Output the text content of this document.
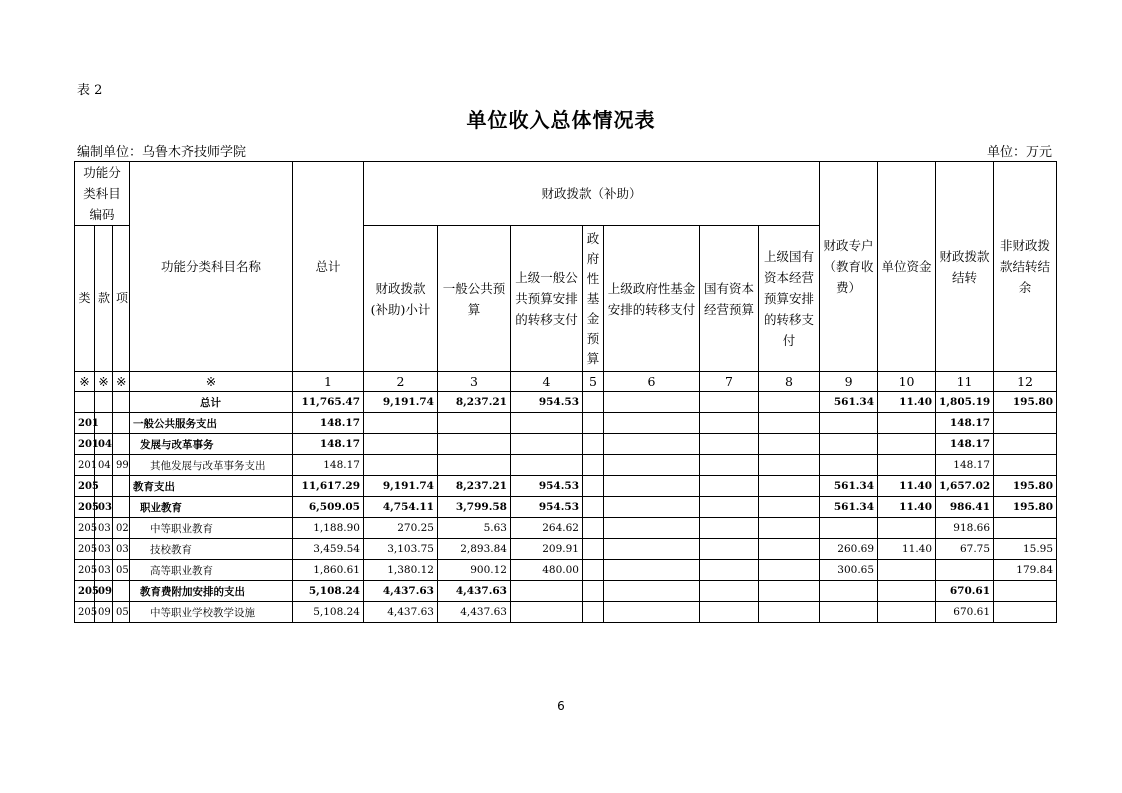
表 2
单位收入总体情况表
编制单位：乌鲁木齐技师学院	单位：万元
功能分类科目编码			功能分类科目名称	总计	财政拨款（补助）							财政专户（教育收费）	单位资金	财政拨款结转	非财政拨款结转结余
类	款	项			财政拨款(补助)小计	一般公共预算	上级一般公共预算安排的转移支付	政府性基金预算	上级政府性基金安排的转移支付	国有资本经营预算	上级国有资本经营预算安排的转移支付				
※	※	※	※	1	2	3	4	5	6	7	8	9	10	11	12
			总计	11,765.47	9,191.74	8,237.21	954.53					561.34	11.40	1,805.19	195.80
201			一般公共服务支出	148.17										148.17	
201	04		发展与改革事务	148.17										148.17	
201	04	99	其他发展与改革事务支出	148.17										148.17	
205			教育支出	11,617.29	9,191.74	8,237.21	954.53					561.34	11.40	1,657.02	195.80
205	03		职业教育	6,509.05	4,754.11	3,799.58	954.53					561.34	11.40	986.41	195.80
205	03	02	中等职业教育	1,188.90	270.25	5.63	264.62							918.66	
205	03	03	技校教育	3,459.54	3,103.75	2,893.84	209.91					260.69	11.40	67.75	15.95
205	03	05	高等职业教育	1,860.61	1,380.12	900.12	480.00					300.65			179.84
205	09		教育费附加安排的支出	5,108.24	4,437.63	4,437.63								670.61	
205	09	05	中等职业学校教学设施	5,108.24	4,437.63	4,437.63								670.61	
6
